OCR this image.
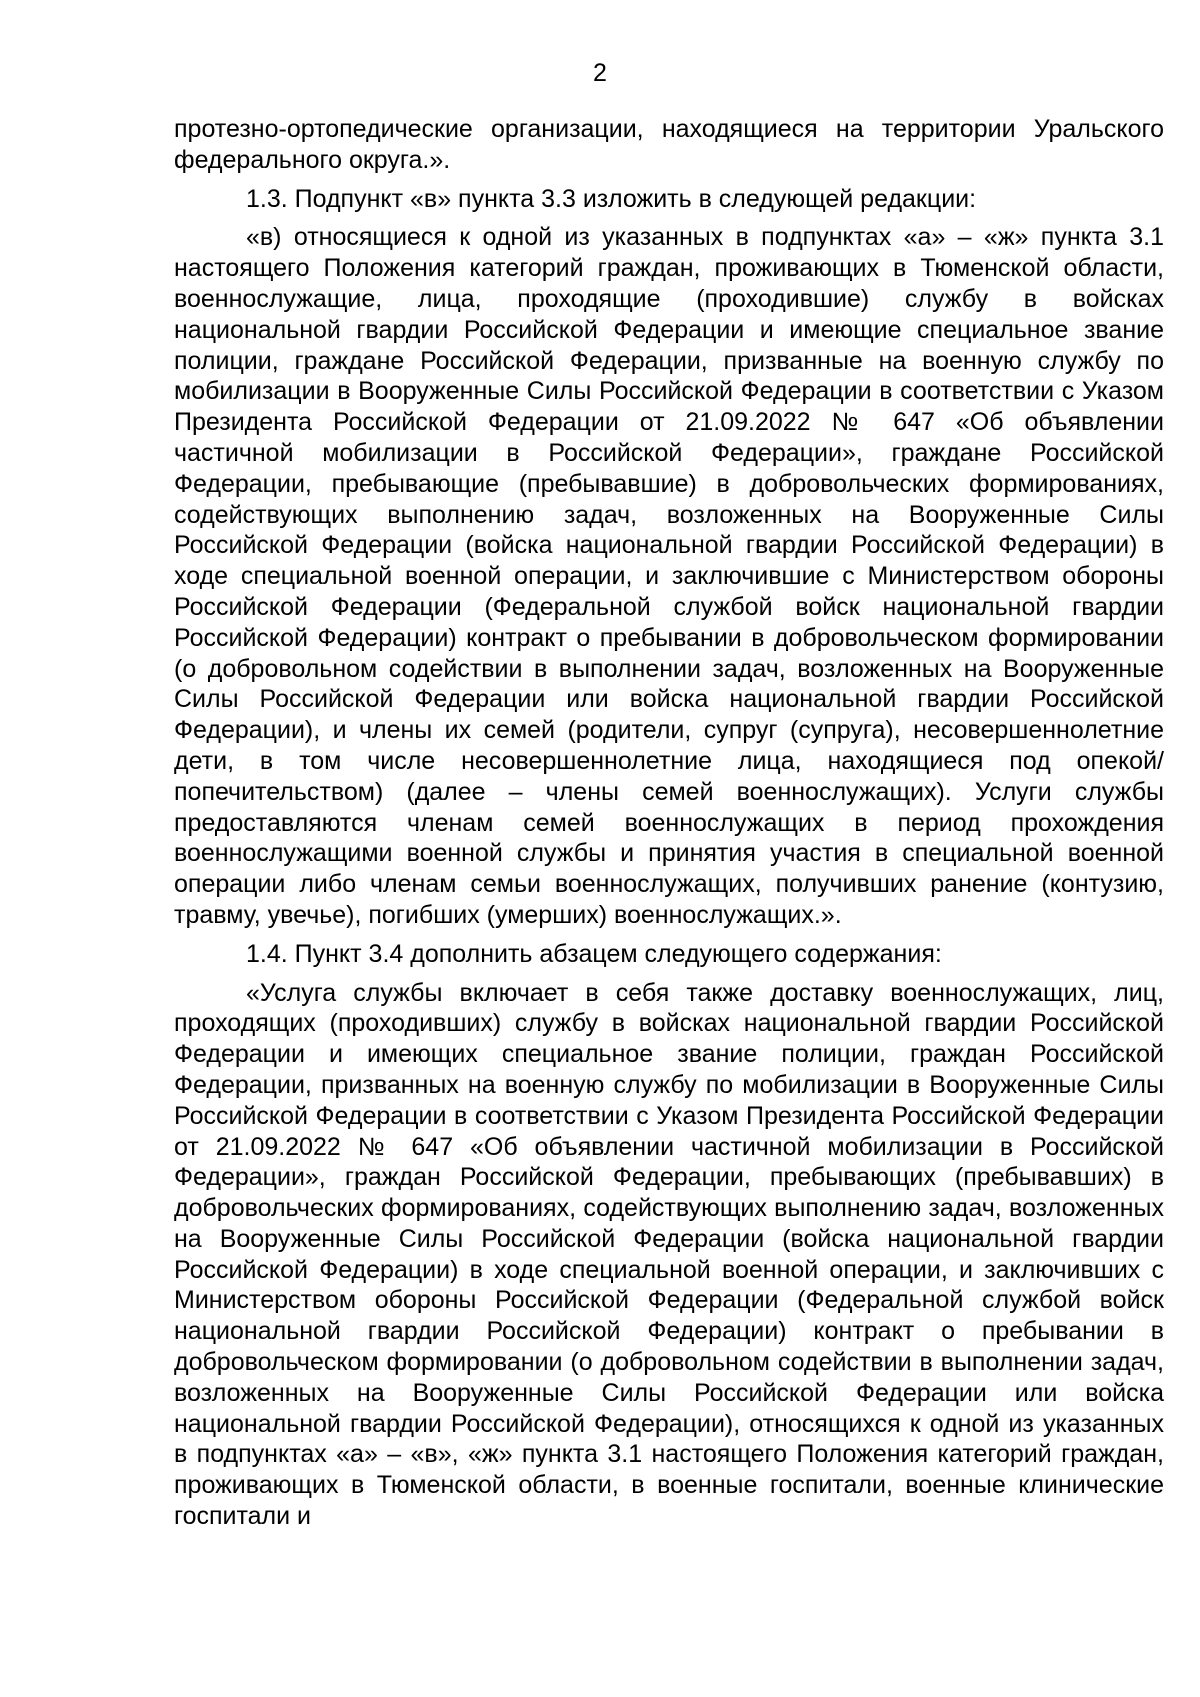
2

протезно-ортопедические организации, находящиеся на территории Уральского федерального округа.».

1.3. Подпункт «в» пункта 3.3 изложить в следующей редакции:

«в) относящиеся к одной из указанных в подпунктах «а» – «ж» пункта 3.1 настоящего Положения категорий граждан, проживающих в Тюменской области, военнослужащие, лица, проходящие (проходившие) службу в войсках национальной гвардии Российской Федерации и имеющие специальное звание полиции, граждане Российской Федерации, призванные на военную службу по мобилизации в Вооруженные Силы Российской Федерации в соответствии с Указом Президента Российской Федерации от 21.09.2022 № 647 «Об объявлении частичной мобилизации в Российской Федерации», граждане Российской Федерации, пребывающие (пребывавшие) в добровольческих формированиях, содействующих выполнению задач, возложенных на Вооруженные Силы Российской Федерации (войска национальной гвардии Российской Федерации) в ходе специальной военной операции, и заключившие с Министерством обороны Российской Федерации (Федеральной службой войск национальной гвардии Российской Федерации) контракт о пребывании в добровольческом формировании (о добровольном содействии в выполнении задач, возложенных на Вооруженные Силы Российской Федерации или войска национальной гвардии Российской Федерации), и члены их семей (родители, супруг (супруга), несовершеннолетние дети, в том числе несовершеннолетние лица, находящиеся под опекой/попечительством) (далее – члены семей военнослужащих). Услуги службы предоставляются членам семей военнослужащих в период прохождения военнослужащими военной службы и принятия участия в специальной военной операции либо членам семьи военнослужащих, получивших ранение (контузию, травму, увечье), погибших (умерших) военнослужащих.».

1.4. Пункт 3.4 дополнить абзацем следующего содержания:

«Услуга службы включает в себя также доставку военнослужащих, лиц, проходящих (проходивших) службу в войсках национальной гвардии Российской Федерации и имеющих специальное звание полиции, граждан Российской Федерации, призванных на военную службу по мобилизации в Вооруженные Силы Российской Федерации в соответствии с Указом Президента Российской Федерации от 21.09.2022 № 647 «Об объявлении частичной мобилизации в Российской Федерации», граждан Российской Федерации, пребывающих (пребывавших) в добровольческих формированиях, содействующих выполнению задач, возложенных на Вооруженные Силы Российской Федерации (войска национальной гвардии Российской Федерации) в ходе специальной военной операции, и заключивших с Министерством обороны Российской Федерации (Федеральной службой войск национальной гвардии Российской Федерации) контракт о пребывании в добровольческом формировании (о добровольном содействии в выполнении задач, возложенных на Вооруженные Силы Российской Федерации или войска национальной гвардии Российской Федерации), относящихся к одной из указанных в подпунктах «а» – «в», «ж» пункта 3.1 настоящего Положения категорий граждан, проживающих в Тюменской области, в военные госпитали, военные клинические госпитали и
